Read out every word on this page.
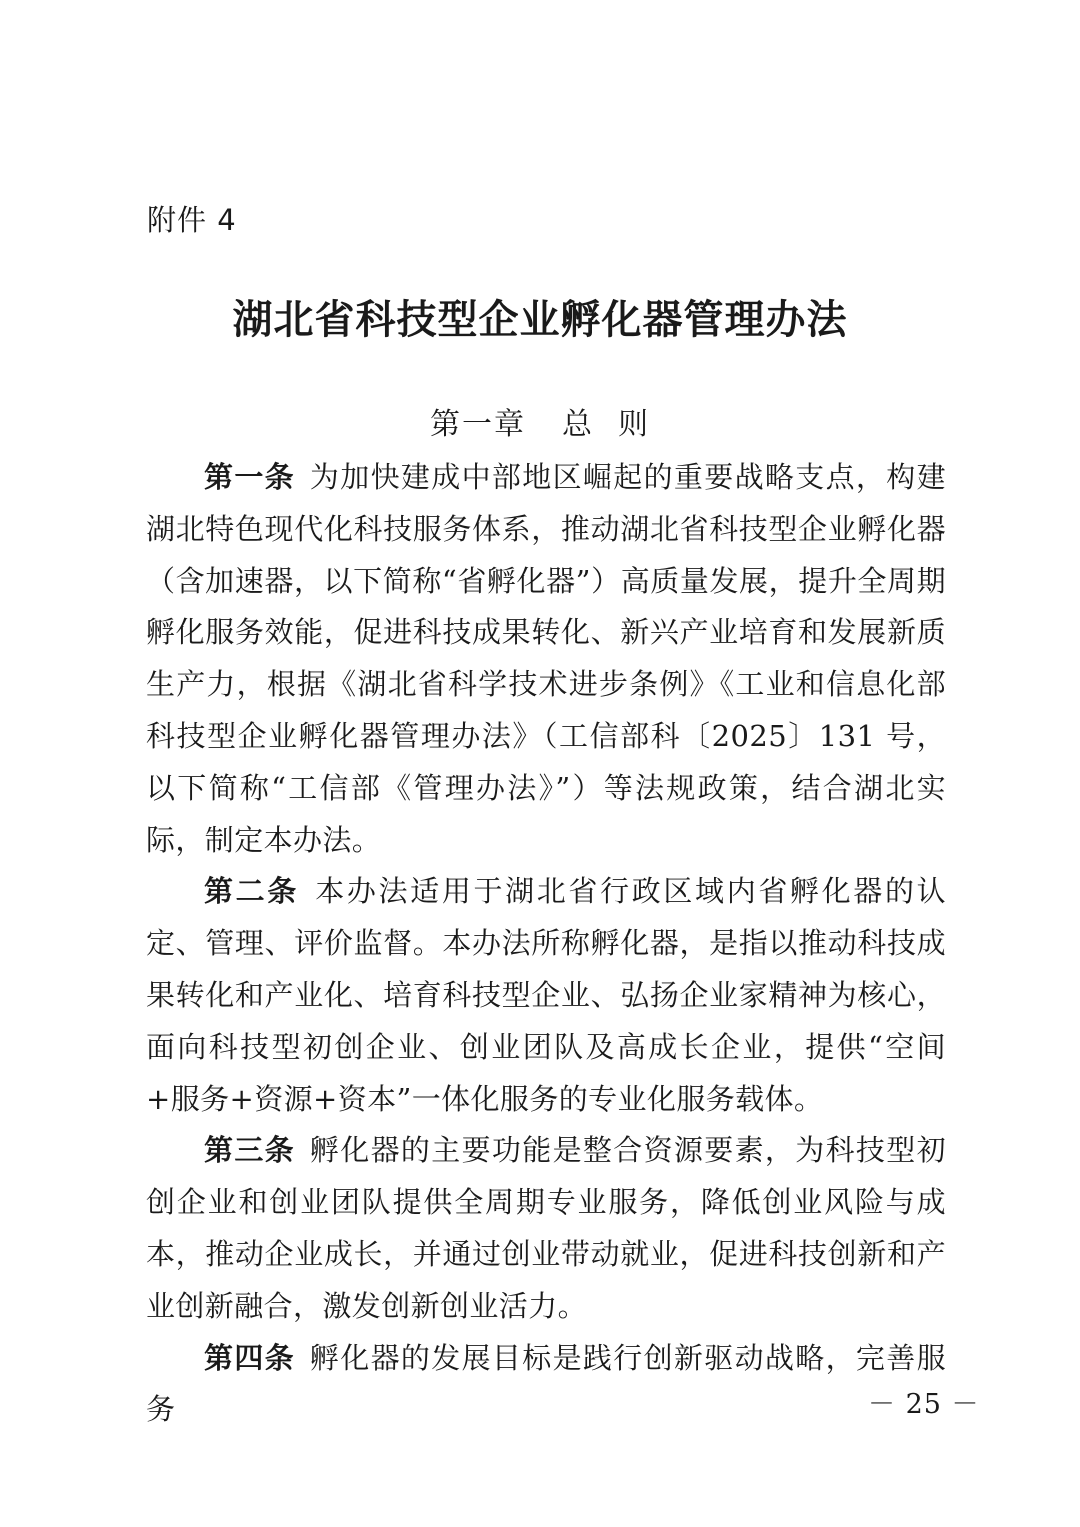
附件 4
湖北省科技型企业孵化器管理办法
第一章 总 则

第一条 为加快建成中部地区崛起的重要战略支点，构建湖北特色现代化科技服务体系，推动湖北省科技型企业孵化器（含加速器，以下简称“省孵化器”）高质量发展，提升全周期孵化服务效能，促进科技成果转化、新兴产业培育和发展新质生产力，根据《湖北省科学技术进步条例》《工业和信息化部科技型企业孵化器管理办法》（工信部科〔2025〕131 号，以下简称“工信部《管理办法》”）等法规政策，结合湖北实际，制定本办法。

第二条 本办法适用于湖北省行政区域内省孵化器的认定、管理、评价监督。本办法所称孵化器，是指以推动科技成果转化和产业化、培育科技型企业、弘扬企业家精神为核心，面向科技型初创企业、创业团队及高成长企业，提供“空间+服务+资源+资本”一体化服务的专业化服务载体。

第三条 孵化器的主要功能是整合资源要素，为科技型初创企业和创业团队提供全周期专业服务，降低创业风险与成本，推动企业成长，并通过创业带动就业，促进科技创新和产业创新融合，激发创新创业活力。

第四条 孵化器的发展目标是践行创新驱动战略，完善服务	－ 25 －
